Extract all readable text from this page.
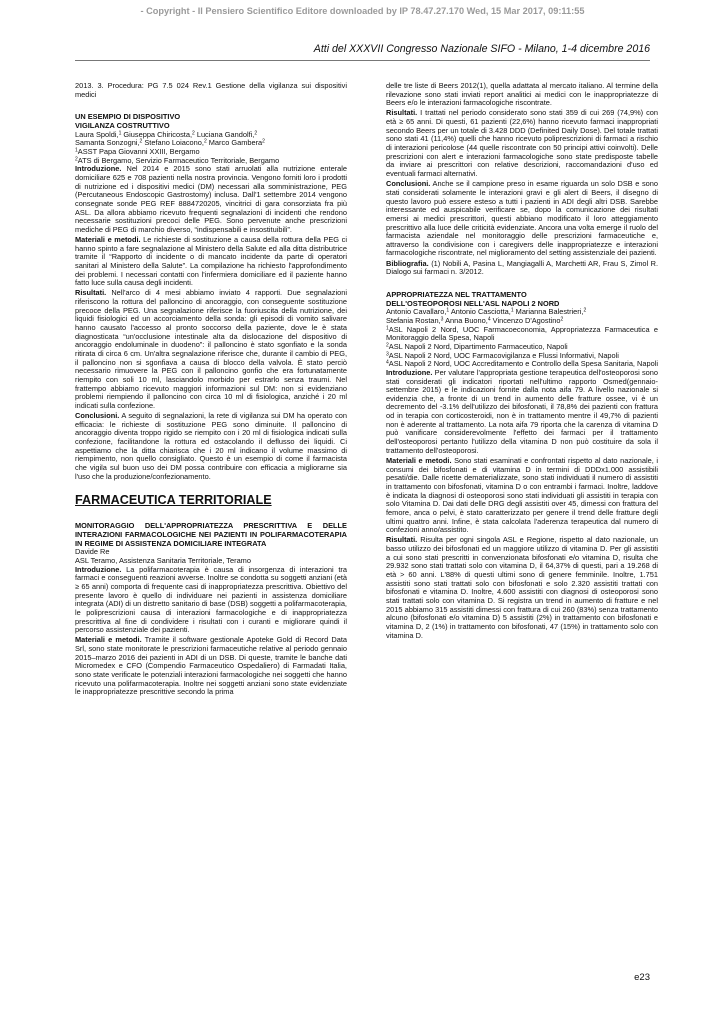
- Copyright - Il Pensiero Scientifico Editore downloaded by IP 78.47.27.170 Wed, 15 Mar 2017, 09:11:55
Atti del XXXVII Congresso Nazionale SIFO - Milano, 1-4 dicembre 2016

2013. 3. Procedura: PG 7.5 024 Rev.1 Gestione della vigilanza sui dispositivi medici

UN ESEMPIO DI DISPOSITIVO
VIGILANZA COSTRUTTIVO
Laura Spoldi,$^1$ Giuseppa Chiricosta,$^2$ Luciana Gandolfi,$^2$
Samanta Sonzogni,$^2$ Stefano Loiacono,$^2$ Marco Gambera$^2$
$^1$ASST Papa Giovanni XXIII, Bergamo
$^2$ATS di Bergamo, Servizio Farmaceutico Territoriale, Bergamo

Introduzione. Nel 2014 e 2015 sono stati arruolati alla nutrizione enterale domiciliare 625 e 708 pazienti nella nostra provincia. Vengono forniti loro i prodotti di nutrizione ed i dispositivi medici (DM) necessari alla somministrazione, PEG (Percutaneous Endoscopic Gastrostomy) inclusa. Dall'1 settembre 2014 vengono consegnate sonde PEG REF 8884720205, vincitrici di gara consorziata fra più ASL. Da allora abbiamo ricevuto frequenti segnalazioni di incidenti che rendono necessarie sostituzioni precoci delle PEG. Sono pervenute anche prescrizioni mediche di PEG di marchio diverso, “indispensabili e insostituibili”.

Materiali e metodi. Le richieste di sostituzione a causa della rottura della PEG ci hanno spinto a fare segnalazione al Ministero della Salute ed alla ditta distributrice tramite il “Rapporto di incidente o di mancato incidente da parte di operatori sanitari al Ministero della Salute”. La compilazione ha richiesto l'approfondimento dei problemi. I necessari contatti con l'infermiera domiciliare ed il paziente hanno fatto luce sulla causa degli incidenti.

Risultati. Nell'arco di 4 mesi abbiamo inviato 4 rapporti. Due segnalazioni riferiscono la rottura del palloncino di ancoraggio, con conseguente sostituzione precoce della PEG. Una segnalazione riferisce la fuoriuscita della nutrizione, dei liquidi fisiologici ed un accorciamento della sonda: gli episodi di vomito salivare hanno causato l'accesso al pronto soccorso della paziente, dove le è stata diagnosticata “un'occlusione intestinale alta da dislocazione del dispositivo di ancoraggio endoluminale in duodeno”: il palloncino è stato sgonfiato e la sonda ritirata di circa 6 cm. Un'altra segnalazione riferisce che, durante il cambio di PEG, il palloncino non si sgonfiava a causa di blocco della valvola. È stato perciò necessario rimuovere la PEG con il palloncino gonfio che era fortunatamente riempito con soli 10 ml, lasciandolo morbido per estrarlo senza traumi. Nel frattempo abbiamo ricevuto maggiori informazioni sul DM: non si evidenziano problemi riempiendo il palloncino con circa 10 ml di fisiologica, anziché i 20 ml indicati sulla confezione.

Conclusioni. A seguito di segnalazioni, la rete di vigilanza sui DM ha operato con efficacia: le richieste di sostituzione PEG sono diminuite. Il palloncino di ancoraggio diventa troppo rigido se riempito con i 20 ml di fisiologica indicati sulla confezione, facilitandone la rottura ed ostacolando il deflusso dei liquidi. Ci aspettiamo che la ditta chiarisca che i 20 ml indicano il volume massimo di riempimento, non quello consigliato. Questo è un esempio di come il farmacista che vigila sul buon uso dei DM possa contribuire con efficacia a migliorarne sia l'uso che la produzione/confezionamento.

FARMACEUTICA TERRITORIALE
MONITORAGGIO DELL'APPROPRIATEZZA PRESCRITTIVA E DELLE INTERAZIONI FARMACOLOGICHE NEI PAZIENTI IN POLIFARMACOTERAPIA IN REGIME DI ASSISTENZA DOMICILIARE INTEGRATA
Davide Re
ASL Teramo, Assistenza Sanitaria Territoriale, Teramo

Introduzione. La polifarmacoterapia è causa di insorgenza di interazioni tra farmaci e conseguenti reazioni avverse. Inoltre se condotta su soggetti anziani (età ≥ 65 anni) comporta di frequente casi di inappropriatezza prescrittiva. Obiettivo del presente lavoro è quello di individuare nei pazienti in assistenza domiciliare integrata (ADI) di un distretto sanitario di base (DSB) soggetti a polifarmacoterapia, le poliprescrizioni causa di interazioni farmacologiche e di inappropriatezza prescrittiva al fine di condividere i risultati con i curanti e migliorare quindi il percorso assistenziale dei pazienti.

Materiali e metodi. Tramite il software gestionale Apoteke Gold di Record Data Srl, sono state monitorate le prescrizioni farmaceutiche relative al periodo gennaio 2015–marzo 2016 dei pazienti in ADI di un DSB. Di queste, tramite le banche dati Micromedex e CFO (Compendio Farmaceutico Ospedaliero) di Farmadati Italia, sono state verificate le potenziali interazioni farmacologiche nei soggetti che hanno ricevuto una polifarmacoterapia. Inoltre nei soggetti anziani sono state evidenziate le inappropriatezze prescrittive secondo la prima

delle tre liste di Beers 2012(1), quella adattata al mercato italiano. Al termine della rilevazione sono stati inviati report analitici ai medici con le inappropriatezze di Beers e/o le interazioni farmacologiche riscontrate.

Risultati. I trattati nel periodo considerato sono stati 359 di cui 269 (74,9%) con età ≥ 65 anni. Di questi, 61 pazienti (22,6%) hanno ricevuto farmaci inappropriati secondo Beers per un totale di 3.428 DDD (Definited Daily Dose). Del totale trattati sono stati 41 (11,4%) quelli che hanno ricevuto poliprescrizioni di farmaci a rischio di interazioni pericolose (44 quelle riscontrate con 50 principi attivi coinvolti). Delle prescrizioni con alert e interazioni farmacologiche sono state predisposte tabelle da inviare ai prescrittori con relative descrizioni, raccomandazioni d'uso ed eventuali farmaci alternativi.

Conclusioni. Anche se il campione preso in esame riguarda un solo DSB e sono stati considerati solamente le interazioni gravi e gli alert di Beers, il disegno di questo lavoro può essere esteso a tutti i pazienti in ADI degli altri DSB. Sarebbe interessante ed auspicabile verificare se, dopo la comunicazione dei risultati emersi ai medici prescrittori, questi abbiano modificato il loro atteggiamento prescrittivo alla luce delle criticità evidenziate. Ancora una volta emerge il ruolo del farmacista aziendale nel monitoraggio delle prescrizioni farmaceutiche e, attraverso la condivisione con i caregivers delle inappropriatezze e interazioni farmacologiche riscontrate, nel miglioramento del setting assistenziale dei pazienti.

Bibliografia. (1) Nobili A, Pasina L, Mangiagalli A, Marchetti AR, Frau S, Zimol R. Dialogo sui farmaci n. 3/2012.

APPROPRIATEZZA NEL TRATTAMENTO
DELL'OSTEOPOROSI NELL'ASL NAPOLI 2 NORD
Antonio Cavallaro,$^1$ Antonio Casciotta,$^1$ Marianna Balestrieri,$^2$
Stefania Rostan,$^3$ Anna Buono,$^4$ Vincenzo D'Agostino$^2$
$^1$ASL Napoli 2 Nord, UOC Farmacoeconomia, Appropriatezza Farmaceutica e Monitoraggio della Spesa, Napoli
$^2$ASL Napoli 2 Nord, Dipartimento Farmaceutico, Napoli
$^3$ASL Napoli 2 Nord, UOC Farmacovigilanza e Flussi Informativi, Napoli
$^4$ASL Napoli 2 Nord, UOC Accreditamento e Controllo della Spesa Sanitaria, Napoli

Introduzione. Per valutare l'appropriata gestione terapeutica dell'osteoporosi sono stati considerati gli indicatori riportati nell'ultimo rapporto Osmed(gennaio-settembre 2015) e le indicazioni fornite dalla nota aifa 79. A livello nazionale si evidenzia che, a fronte di un trend in aumento delle fratture ossee, vi è un decremento del -3.1% dell'utilizzo dei bifosfonati, il 78,8% dei pazienti con frattura od in terapia con corticosteroidi, non è in trattamento mentre il 49,7% di pazienti non è aderente al trattamento. La nota aifa 79 riporta che la carenza di vitamina D può vanificare considerevolmente l'effetto dei farmaci per il trattamento dell'osteoporosi pertanto l'utilizzo della vitamina D non può costituire da sola il trattamento dell'osteoporosi.

Materiali e metodi. Sono stati esaminati e confrontati rispetto al dato nazionale, i consumi dei bifosfonati e di vitamina D in termini di DDDx1.000 assistibili pesati/die. Dalle ricette dematerializzate, sono stati individuati il numero di assistiti in trattamento con bifosfonati, vitamina D o con entrambi i farmaci. Inoltre, laddove è indicata la diagnosi di osteoporosi sono stati individuati gli assistiti in terapia con solo Vitamina D. Dai dati delle DRG degli assistiti over 45, dimessi con frattura del femore, anca o pelvi, è stato caratterizzato per genere il trend delle fratture degli ultimi quattro anni. Infine, è stata calcolata l'aderenza terapeutica dal numero di confezioni anno/assistito.

Risultati. Risulta per ogni singola ASL e Regione, rispetto al dato nazionale, un basso utilizzo dei bifosfonati ed un maggiore utilizzo di vitamina D. Per gli assistiti a cui sono stati prescritti in convenzionata bifosfonati e/o vitamina D, risulta che 29.932 sono stati trattati solo con vitamina D, il 64,37% di questi, pari a 19.268 di età > 60 anni. L'88% di questi ultimi sono di genere femminile. Inoltre, 1.751 assistiti sono stati trattati solo con bifosfonati e solo 2.320 assistiti trattati con bifosfonati e vitamina D. Inoltre, 4.600 assistiti con diagnosi di osteoporosi sono stati trattati solo con vitamina D. Si registra un trend in aumento di fratture e nel 2015 abbiamo 315 assistiti dimessi con frattura di cui 260 (83%) senza trattamento alcuno (bifosfonati e/o vitamina D) 5 assistiti (2%) in trattamento con bifosfonati e vitamina D, 2 (1%) in trattamento con bifosfonati, 47 (15%) in trattamento solo con vitamina D.

e23
